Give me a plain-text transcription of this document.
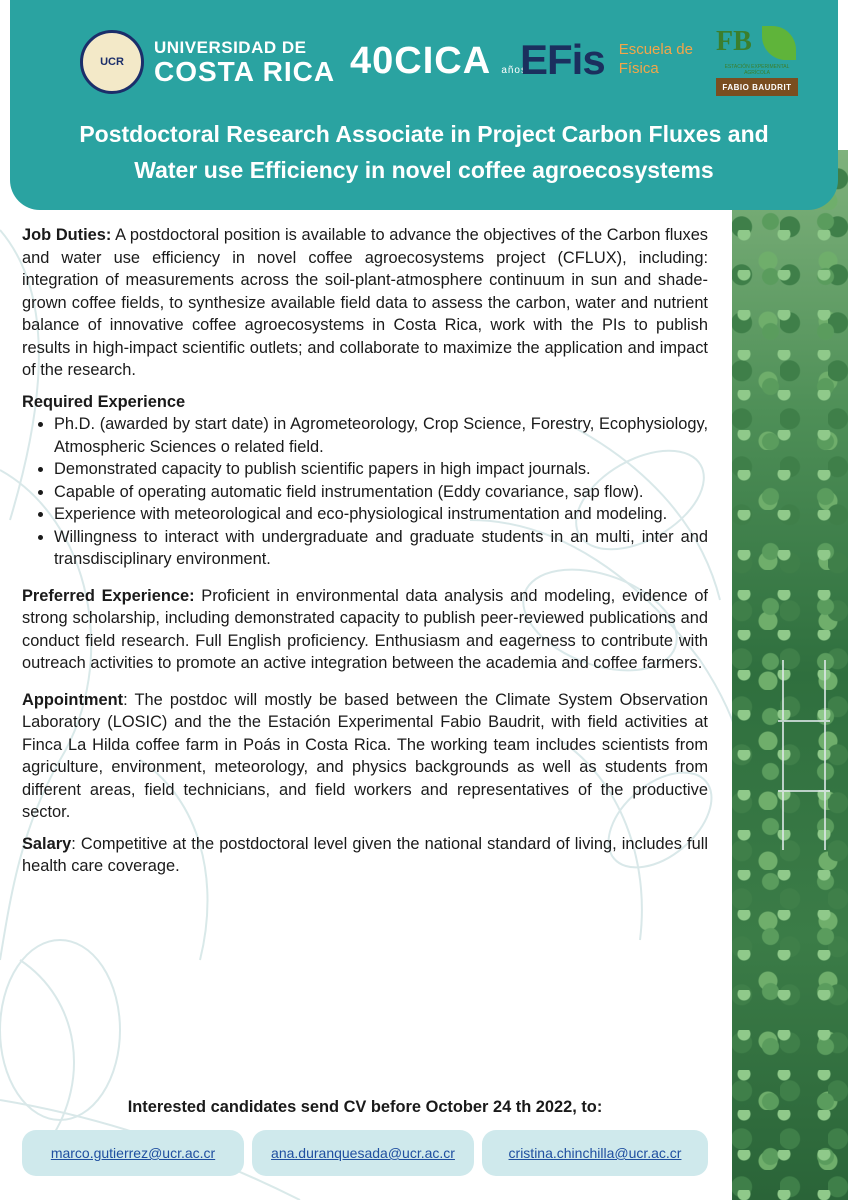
UCR
UNIVERSIDAD DE
COSTA RICA 40CICA años
EFis Escuela de
Física
FB
ESTACIÓN EXPERIMENTAL AGRÍCOLA
FABIO BAUDRIT
Postdoctoral Research Associate in Project Carbon Fluxes and
Water use Efficiency in novel coffee agroecosystems

Job Duties: A postdoctoral position is available to advance the objectives of the Carbon fluxes and water use efficiency in novel coffee agroecosystems project (CFLUX), including: integration of measurements across the soil-plant-atmosphere continuum in sun and shade-grown coffee fields, to synthesize available field data to assess the carbon, water and nutrient balance of innovative coffee agroecosystems in Costa Rica, work with the PIs to publish results in high-impact scientific outlets; and collaborate to maximize the application and impact of the research.

Required Experience
• Ph.D. (awarded by start date) in Agrometeorology, Crop Science, Forestry, Ecophysiology, Atmospheric Sciences o related field.
• Demonstrated capacity to publish scientific papers in high impact journals.
• Capable of operating automatic field instrumentation (Eddy covariance, sap flow).
• Experience with meteorological and eco-physiological instrumentation and modeling.
• Willingness to interact with undergraduate and graduate students in an multi, inter and transdisciplinary environment.

Preferred Experience: Proficient in environmental data analysis and modeling, evidence of strong scholarship, including demonstrated capacity to publish peer-reviewed publications and conduct field research. Full English proficiency. Enthusiasm and eagerness to contribute with outreach activities to promote an active integration between the academia and coffee farmers.

Appointment: The postdoc will mostly be based between the Climate System Observation Laboratory (LOSIC) and the the Estación Experimental Fabio Baudrit, with field activities at Finca La Hilda coffee farm in Poás in Costa Rica. The working team includes scientists from agriculture, environment, meteorology, and physics backgrounds as well as students from different areas, field technicians, and field workers and representatives of the productive sector.

Salary: Competitive at the postdoctoral level given the national standard of living, includes full health care coverage.

Interested candidates send CV before October 24 th 2022, to:
marco.gutierrez@ucr.ac.cr	ana.duranquesada@ucr.ac.cr	cristina.chinchilla@ucr.ac.cr
